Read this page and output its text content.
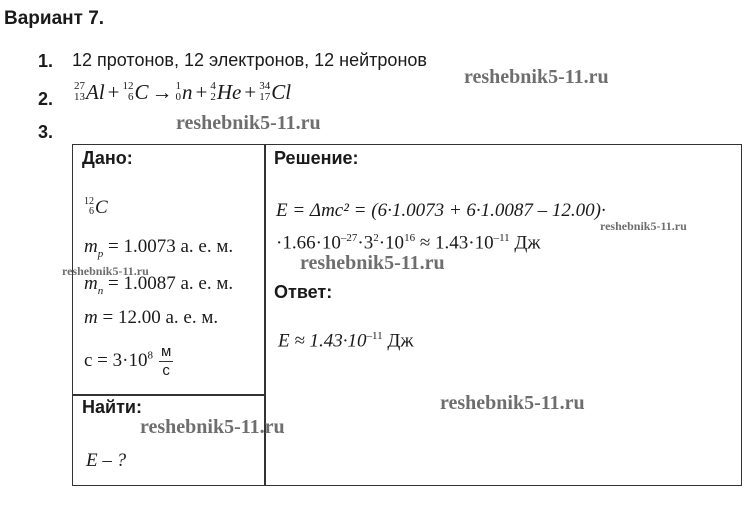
Вариант 7.
1. 12 протонов, 12 электронов, 12 нейтронов
2.
27
13 Al + 12
6 C → 1
0 n + 4
2 He + 34
17 Cl
3.
Дано:
12
6 C
$m_p = 1.0073$ а. е. м.
$m_n = 1.0087$ а. е. м.
m = 12.00 а. е. м.
$c = 3\cdot 10^8 \frac{м}{с}$
Найти:
E – ?
Решение:
E = Δmc² = (6·1.0073 + 6·1.0087 – 12.00)·
$\cdot 1.66\cdot 10^{-27}\cdot 3^2\cdot 10^{16} \approx 1.43\cdot 10^{-11}$ Дж
Ответ:
$E \approx 1.43\cdot 10^{-11}$ Дж
reshebnik5-11.ru
reshebnik5-11.ru
reshebnik5-11.ru
reshebnik5-11.ru
reshebnik5-11.ru
reshebnik5-11.ru
reshebnik5-11.ru
